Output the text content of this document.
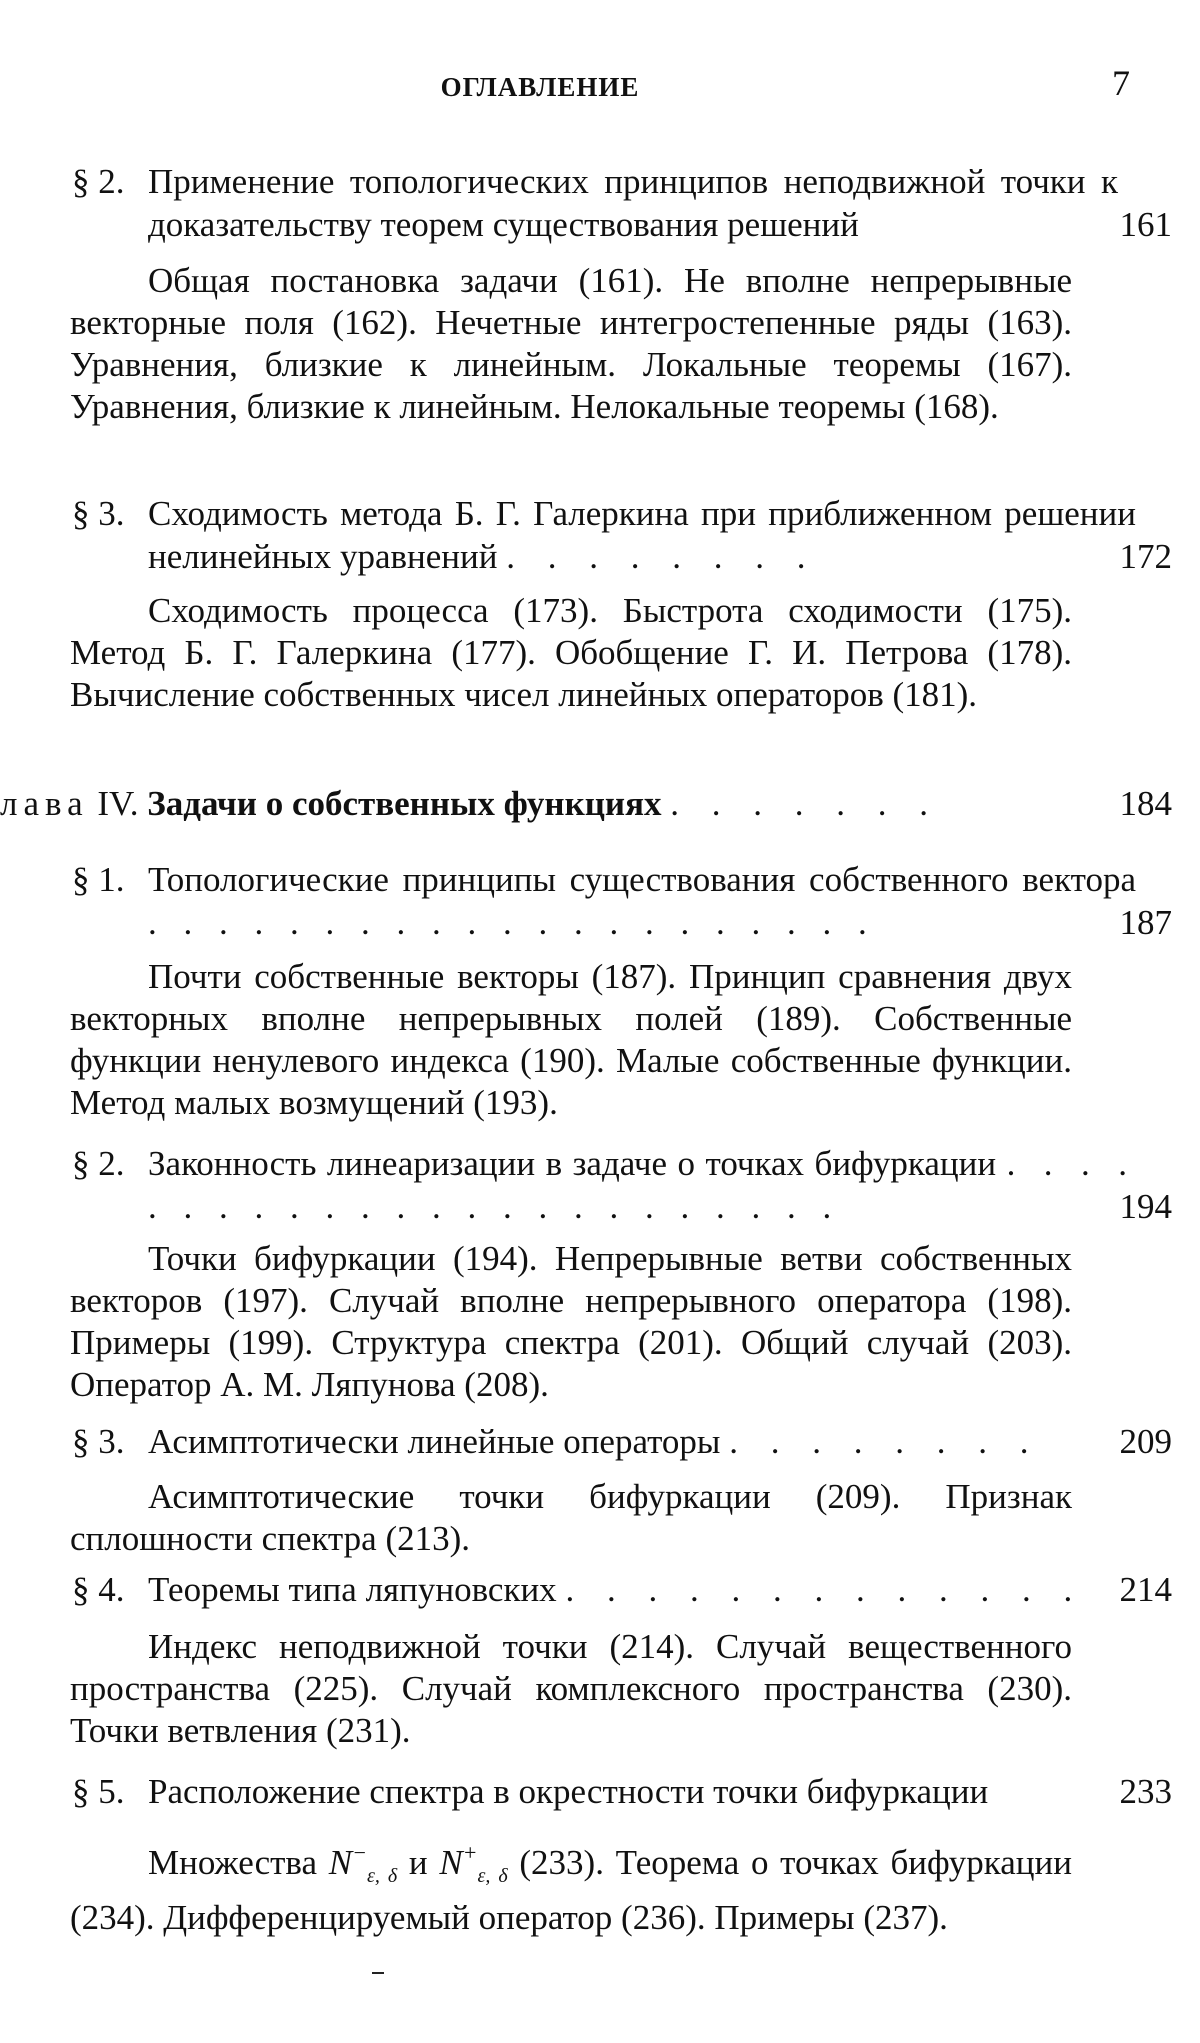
ОГЛАВЛЕНИЕ	7
§ 2. Применение топологических принципов неподвижной точки к доказательству теорем существования решений	161
Общая постановка задачи (161). Не вполне непрерывные векторные поля (162). Нечетные интегростепенные ряды (163). Уравнения, близкие к линейным. Локальные теоремы (167). Уравнения, близкие к линейным. Нелокальные теоремы (168).
§ 3. Сходимость метода Б. Г. Галеркина при приближенном решении нелинейных уравнений . . . . . . . .	172
Сходимость процесса (173). Быстрота сходимости (175). Метод Б. Г. Галеркина (177). Обобщение Г. И. Петрова (178). Вычисление собственных чисел линейных операторов (181).
лава IV. Задачи о собственных функциях . . . . . . .	184
§ 1. Топологические принципы существования собственного вектора . . . . . . . . . . . . . . . . . . . . .	187
Почти собственные векторы (187). Принцип сравнения двух векторных вполне непрерывных полей (189). Собственные функции ненулевого индекса (190). Малые собственные функции. Метод малых возмущений (193).
§ 2. Законность линеаризации в задаче о точках бифуркации . . . . . . . . . . . . . . . . . . . . . . . .	194
Точки бифуркации (194). Непрерывные ветви собственных векторов (197). Случай вполне непрерывного оператора (198). Примеры (199). Структура спектра (201). Общий случай (203). Оператор А. М. Ляпунова (208).
§ 3. Асимптотически линейные операторы . . . . . . . .	209
Асимптотические точки бифуркации (209). Признак сплошности спектра (213).
§ 4. Теоремы типа ляпуновских . . . . . . . . . . . . .	214
Индекс неподвижной точки (214). Случай вещественного пространства (225). Случай комплексного пространства (230). Точки ветвления (231).
§ 5. Расположение спектра в окрестности точки бифуркации	233
Множества $N^-_{\varepsilon, \delta}$ и $N^+_{\varepsilon, \delta}$ (233). Теорема о точках бифуркации (234). Дифференцируемый оператор (236). Примеры (237).
